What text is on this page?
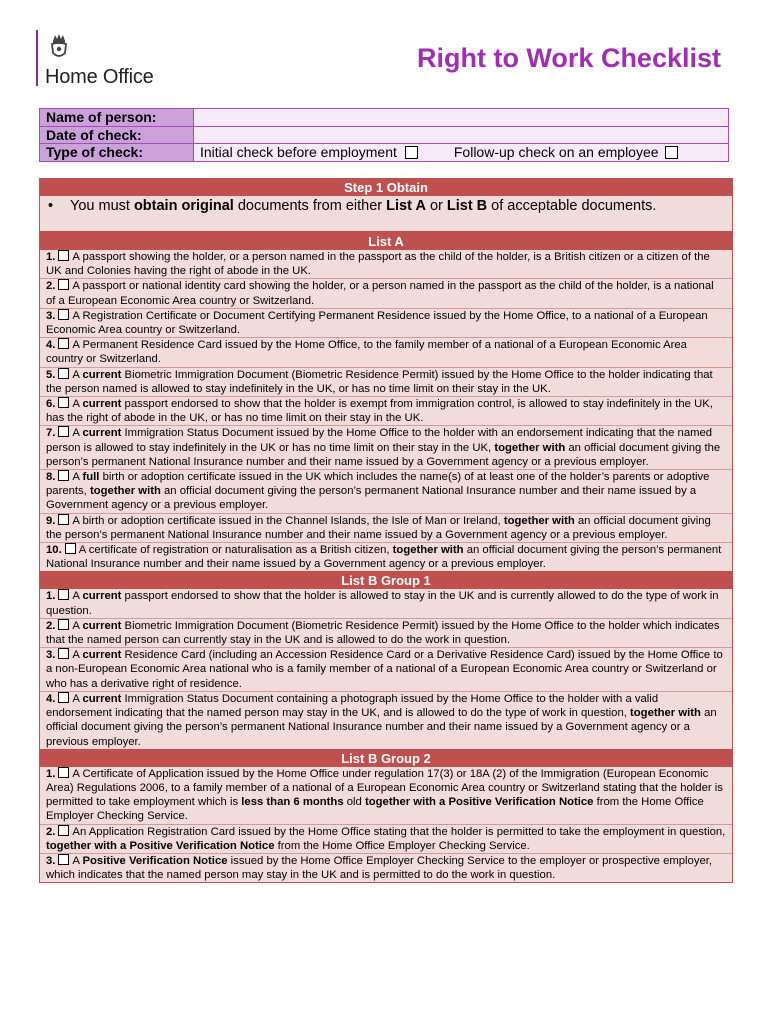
Home Office
Right to Work Checklist
Name of person:	
Date of check:	
Type of check:	Initial check before employment Follow-up check on an employee
Step 1 Obtain
• You must obtain original documents from either List A or List B of acceptable documents.
List A
1. A passport showing the holder, or a person named in the passport as the child of the holder, is a British citizen or a citizen of the UK and Colonies having the right of abode in the UK.
2. A passport or national identity card showing the holder, or a person named in the passport as the child of the holder, is a national of a European Economic Area country or Switzerland.
3. A Registration Certificate or Document Certifying Permanent Residence issued by the Home Office, to a national of a European Economic Area country or Switzerland.
4. A Permanent Residence Card issued by the Home Office, to the family member of a national of a European Economic Area country or Switzerland.
5. A current Biometric Immigration Document (Biometric Residence Permit) issued by the Home Office to the holder indicating that the person named is allowed to stay indefinitely in the UK, or has no time limit on their stay in the UK.
6. A current passport endorsed to show that the holder is exempt from immigration control, is allowed to stay indefinitely in the UK, has the right of abode in the UK, or has no time limit on their stay in the UK.
7. A current Immigration Status Document issued by the Home Office to the holder with an endorsement indicating that the named person is allowed to stay indefinitely in the UK or has no time limit on their stay in the UK, together with an official document giving the person’s permanent National Insurance number and their name issued by a Government agency or a previous employer.
8. A full birth or adoption certificate issued in the UK which includes the name(s) of at least one of the holder’s parents or adoptive parents, together with an official document giving the person’s permanent National Insurance number and their name issued by a Government agency or a previous employer.
9. A birth or adoption certificate issued in the Channel Islands, the Isle of Man or Ireland, together with an official document giving the person’s permanent National Insurance number and their name issued by a Government agency or a previous employer.
10. A certificate of registration or naturalisation as a British citizen, together with an official document giving the person’s permanent National Insurance number and their name issued by a Government agency or a previous employer.
List B Group 1
1. A current passport endorsed to show that the holder is allowed to stay in the UK and is currently allowed to do the type of work in question.
2. A current Biometric Immigration Document (Biometric Residence Permit) issued by the Home Office to the holder which indicates that the named person can currently stay in the UK and is allowed to do the work in question.
3. A current Residence Card (including an Accession Residence Card or a Derivative Residence Card) issued by the Home Office to a non-European Economic Area national who is a family member of a national of a European Economic Area country or Switzerland or who has a derivative right of residence.
4. A current Immigration Status Document containing a photograph issued by the Home Office to the holder with a valid endorsement indicating that the named person may stay in the UK, and is allowed to do the type of work in question, together with an official document giving the person’s permanent National Insurance number and their name issued by a Government agency or a previous employer.
List B Group 2
1. A Certificate of Application issued by the Home Office under regulation 17(3) or 18A (2) of the Immigration (European Economic Area) Regulations 2006, to a family member of a national of a European Economic Area country or Switzerland stating that the holder is permitted to take employment which is less than 6 months old together with a Positive Verification Notice from the Home Office Employer Checking Service.
2. An Application Registration Card issued by the Home Office stating that the holder is permitted to take the employment in question, together with a Positive Verification Notice from the Home Office Employer Checking Service.
3. A Positive Verification Notice issued by the Home Office Employer Checking Service to the employer or prospective employer, which indicates that the named person may stay in the UK and is permitted to do the work in question.
